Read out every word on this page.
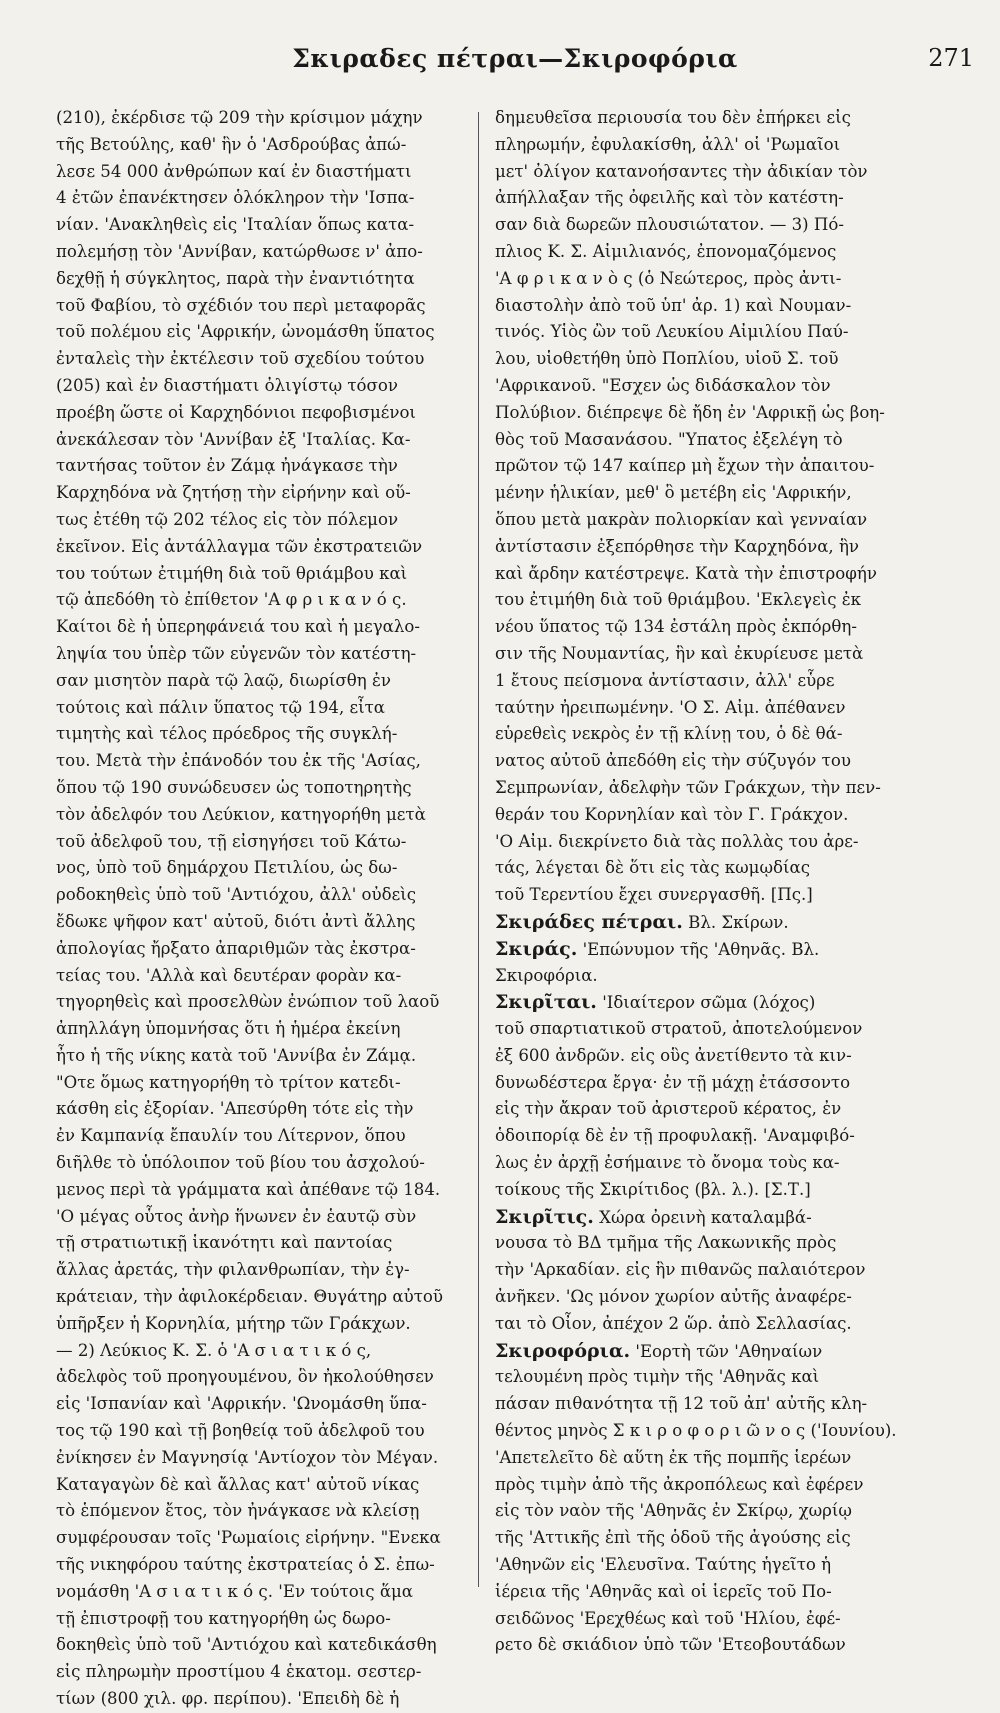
Σκιραδες πέτραι—Σκιροφόρια	271
(210), ἐκέρδισε τῷ 209 τὴν κρίσιμον μάχην
τῆς Βετούλης, καθ' ἣν ὁ 'Ασδρούβας ἀπώ-
λεσε 54 000 ἀνθρώπων καί ἐν διαστήματι
4 ἐτῶν ἐπανέκτησεν ὁλόκληρον τὴν 'Ισπα-
νίαν. 'Ανακληθεὶς εἰς 'Ιταλίαν ὅπως κατα-
πολεμήσῃ τὸν 'Αννίβαν, κατώρθωσε ν' ἀπο-
δεχθῇ ἡ σύγκλητος, παρὰ τὴν ἐναντιότητα
τοῦ Φαβίου, τὸ σχέδιόν του περὶ μεταφορᾶς
τοῦ πολέμου εἰς 'Αφρικήν, ὠνομάσθη ὕπατος
ἐνταλεὶς τὴν ἐκτέλεσιν τοῦ σχεδίου τούτου
(205) καὶ ἐν διαστήματι ὀλιγίστῳ τόσον
προέβη ὥστε οἱ Καρχηδόνιοι πεφοβισμένοι
ἀνεκάλεσαν τὸν 'Αννίβαν ἐξ 'Ιταλίας. Κα-
ταντήσας τοῦτον ἐν Ζάμᾳ ἠνάγκασε τὴν
Καρχηδόνα νὰ ζητήσῃ τὴν εἰρήνην καὶ οὕ-
τως ἐτέθη τῷ 202 τέλος εἰς τὸν πόλεμον
ἐκεῖνον. Εἰς ἀντάλλαγμα τῶν ἐκστρατειῶν
του τούτων ἐτιμήθη διὰ τοῦ θριάμβου καὶ
τῷ ἀπεδόθη τὸ ἐπίθετον 'Α φ ρ ι κ α ν ό ς.
Καίτοι δὲ ἡ ὑπερηφάνειά του καὶ ἡ μεγαλο-
ληψία του ὑπὲρ τῶν εὐγενῶν τὸν κατέστη-
σαν μισητὸν παρὰ τῷ λαῷ, διωρίσθη ἐν
τούτοις καὶ πάλιν ὕπατος τῷ 194, εἶτα
τιμητὴς καὶ τέλος πρόεδρος τῆς συγκλή-
του. Μετὰ τὴν ἐπάνοδόν του ἐκ τῆς 'Ασίας,
ὅπου τῷ 190 συνώδευσεν ὡς τοποτηρητὴς
τὸν ἀδελφόν του Λεύκιον, κατηγορήθη μετὰ
τοῦ ἀδελφοῦ του, τῇ εἰσηγήσει τοῦ Κάτω-
νος, ὑπὸ τοῦ δημάρχου Πετιλίου, ὡς δω-
ροδοκηθεὶς ὑπὸ τοῦ 'Αντιόχου, ἀλλ' οὐδεὶς
ἔδωκε ψῆφον κατ' αὐτοῦ, διότι ἀντὶ ἄλλης
ἀπολογίας ἤρξατο ἀπαριθμῶν τὰς ἐκστρα-
τείας του. 'Αλλὰ καὶ δευτέραν φορὰν κα-
τηγορηθεὶς καὶ προσελθὼν ἐνώπιον τοῦ λαοῦ
ἀπηλλάγη ὑπομνήσας ὅτι ἡ ἡμέρα ἐκείνη
ἦτο ἡ τῆς νίκης κατὰ τοῦ 'Αννίβα ἐν Ζάμᾳ.
"Οτε ὅμως κατηγορήθη τὸ τρίτον κατεδι-
κάσθη εἰς ἐξορίαν. 'Απεσύρθη τότε εἰς τὴν
ἐν Καμπανίᾳ ἔπαυλίν του Λίτερνον, ὅπου
διῆλθε τὸ ὑπόλοιπον τοῦ βίου του ἀσχολού-
μενος περὶ τὰ γράμματα καὶ ἀπέθανε τῷ 184.
'Ο μέγας οὗτος ἀνὴρ ἥνωνεν ἐν ἑαυτῷ σὺν
τῇ στρατιωτικῇ ἱκανότητι καὶ παντοίας
ἄλλας ἀρετάς, τὴν φιλανθρωπίαν, τὴν ἐγ-
κράτειαν, τὴν ἀφιλοκέρδειαν. Θυγάτηρ αὐτοῦ
ὑπῆρξεν ἡ Κορνηλία, μήτηρ τῶν Γράκχων.
— 2) Λεύκιος Κ. Σ. ὁ 'Α σ ι α τ ι κ ό ς,
ἀδελφὸς τοῦ προηγουμένου, ὃν ἠκολούθησεν
εἰς 'Ισπανίαν καὶ 'Αφρικήν. 'Ωνομάσθη ὕπα-
τος τῷ 190 καὶ τῇ βοηθείᾳ τοῦ ἀδελφοῦ του
ἐνίκησεν ἐν Μαγνησίᾳ 'Αντίοχον τὸν Μέγαν.
Καταγαγὼν δὲ καὶ ἄλλας κατ' αὐτοῦ νίκας
τὸ ἑπόμενον ἔτος, τὸν ἠνάγκασε νὰ κλείσῃ
συμφέρουσαν τοῖς 'Ρωμαίοις εἰρήνην. "Ενεκα
τῆς νικηφόρου ταύτης ἐκστρατείας ὁ Σ. ἐπω-
νομάσθη 'Α σ ι α τ ι κ ό ς. 'Εν τούτοις ἅμα
τῇ ἐπιστροφῇ του κατηγορήθη ὡς δωρο-
δοκηθεὶς ὑπὸ τοῦ 'Αντιόχου καὶ κατεδικάσθη
εἰς πληρωμὴν προστίμου 4 ἑκατομ. σεστερ-
τίων (800 χιλ. φρ. περίπου). 'Επειδὴ δὲ ἡ
δημευθεῖσα περιουσία του δὲν ἐπήρκει εἰς
πληρωμήν, ἐφυλακίσθη, ἀλλ' οἱ 'Ρωμαῖοι
μετ' ὀλίγον κατανοήσαντες τὴν ἀδικίαν τὸν
ἀπήλλαξαν τῆς ὀφειλῆς καὶ τὸν κατέστη-
σαν διὰ δωρεῶν πλουσιώτατον. — 3) Πό-
πλιος Κ. Σ. Αἰμιλιανός, ἐπονομαζόμενος
'Α φ ρ ι κ α ν ὸ ς (ὁ Νεώτερος, πρὸς ἀντι-
διαστολὴν ἀπὸ τοῦ ὑπ' ἀρ. 1) καὶ Νουμαν-
τινός. Υἱὸς ὢν τοῦ Λευκίου Αἰμιλίου Παύ-
λου, υἱοθετήθη ὑπὸ Ποπλίου, υἱοῦ Σ. τοῦ
'Αφρικανοῦ. "Εσχεν ὡς διδάσκαλον τὸν
Πολύβιον. διέπρεψε δὲ ἤδη ἐν 'Αφρικῇ ὡς βοη-
θὸς τοῦ Μασανάσου. "Υπατος ἐξελέγη τὸ
πρῶτον τῷ 147 καίπερ μὴ ἔχων τὴν ἀπαιτου-
μένην ἡλικίαν, μεθ' ὃ μετέβη εἰς 'Αφρικήν,
ὅπου μετὰ μακρὰν πολιορκίαν καὶ γενναίαν
ἀντίστασιν ἐξεπόρθησε τὴν Καρχηδόνα, ἣν
καὶ ἄρδην κατέστρεψε. Κατὰ τὴν ἐπιστροφήν
του ἐτιμήθη διὰ τοῦ θριάμβου. 'Εκλεγεὶς ἐκ
νέου ὕπατος τῷ 134 ἐστάλη πρὸς ἐκπόρθη-
σιν τῆς Νουμαντίας, ἣν καὶ ἐκυρίευσε μετὰ
1 ἔτους πείσμονα ἀντίστασιν, ἀλλ' εὗρε
ταύτην ἠρειπωμένην. 'Ο Σ. Αἰμ. ἀπέθανεν
εὑρεθεὶς νεκρὸς ἐν τῇ κλίνῃ του, ὁ δὲ θά-
νατος αὐτοῦ ἀπεδόθη εἰς τὴν σύζυγόν του
Σεμπρωνίαν, ἀδελφὴν τῶν Γράκχων, τὴν πεν-
θεράν του Κορνηλίαν καὶ τὸν Γ. Γράκχον.
'Ο Αἰμ. διεκρίνετο διὰ τὰς πολλὰς του ἀρε-
τάς, λέγεται δὲ ὅτι εἰς τὰς κωμῳδίας
τοῦ Τερεντίου ἔχει συνεργασθῆ. [Πς.]
Σκιράδες πέτραι. Βλ. Σκίρων.
Σκιράς. 'Επώνυμον τῆς 'Αθηνᾶς. Βλ.
Σκιροφόρια.
Σκιρῖται. 'Ιδιαίτερον σῶμα (λόχος)
τοῦ σπαρτιατικοῦ στρατοῦ, ἀποτελούμενον
ἐξ 600 ἀνδρῶν. εἰς οὓς ἀνετίθεντο τὰ κιν-
δυνωδέστερα ἔργα· ἐν τῇ μάχῃ ἐτάσσοντο
εἰς τὴν ἄκραν τοῦ ἀριστεροῦ κέρατος, ἐν
ὁδοιπορίᾳ δὲ ἐν τῇ προφυλακῇ. 'Αναμφιβό-
λως ἐν ἀρχῇ ἐσήμαινε τὸ ὄνομα τοὺς κα-
τοίκους τῆς Σκιρίτιδος (βλ. λ.). [Σ.Τ.]
Σκιρῖτις. Χώρα ὀρεινὴ καταλαμβά-
νουσα τὸ ΒΔ τμῆμα τῆς Λακωνικῆς πρὸς
τὴν 'Αρκαδίαν. εἰς ἣν πιθανῶς παλαιότερον
ἀνῆκεν. 'Ως μόνον χωρίον αὐτῆς ἀναφέρε-
ται τὸ Οἶον, ἀπέχον 2 ὥρ. ἀπὸ Σελλασίας.
Σκιροφόρια. 'Εορτὴ τῶν 'Αθηναίων
τελουμένη πρὸς τιμὴν τῆς 'Αθηνᾶς καὶ
πάσαν πιθανότητα τῇ 12 τοῦ ἀπ' αὐτῆς κλη-
θέντος μηνὸς Σ κ ι ρ ο φ ο ρ ι ῶ ν ο ς ('Ιουνίου).
'Απετελεῖτο δὲ αὕτη ἐκ τῆς πομπῆς ἱερέων
πρὸς τιμὴν ἀπὸ τῆς ἀκροπόλεως καὶ ἐφέρεν
εἰς τὸν ναὸν τῆς 'Αθηνᾶς ἐν Σκίρῳ, χωρίῳ
τῆς 'Αττικῆς ἐπὶ τῆς ὁδοῦ τῆς ἀγούσης εἰς
'Αθηνῶν εἰς 'Ελευσῖνα. Ταύτης ἡγεῖτο ἡ
ἱέρεια τῆς 'Αθηνᾶς καὶ οἱ ἱερεῖς τοῦ Πο-
σειδῶνος 'Ερεχθέως καὶ τοῦ 'Ηλίου, ἐφέ-
ρετο δὲ σκιάδιον ὑπὸ τῶν 'Ετεοβουτάδων
